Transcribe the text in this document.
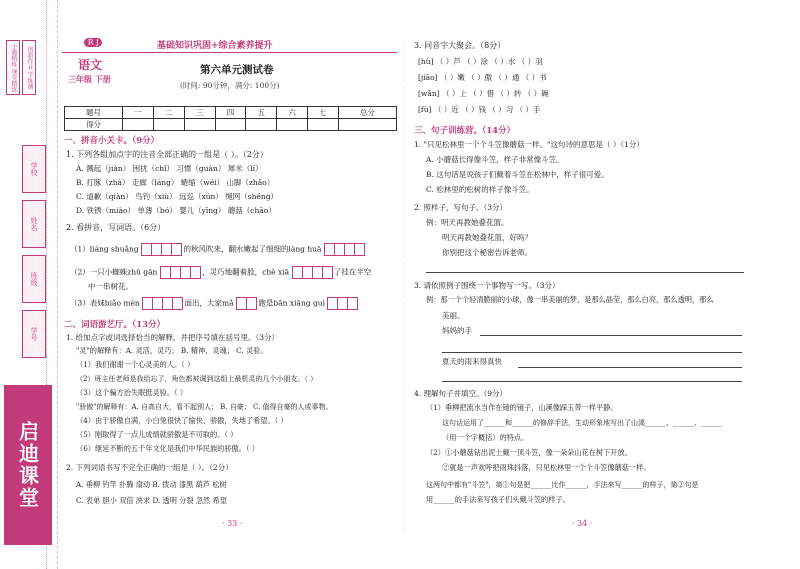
小题精练 课堂精练	创新作业 学练测
学校
姓名
班级
学号
启迪课堂
R J	基础知识巩固+综合素养提升
语文
三年级 下册
第六单元测试卷
(时间: 90分钟，满分: 100分)
题号	一	二	三	四	五	六	七	总分
得分								
一、拼音小关卡。（9分）
1. 下列各组加点字的注音全部正确的一组是（ ）。（2分）
A. 溅起（jiàn） 困扰（chǐ） 习惯（guàn） 犀米（lí）
B. 打䐁（zhā） 走廊（láng） 蜷缩（wéi） 山脚（zhǎo）
C. 道歉（qiàn） 鸟钓（xiù） 远巡（xún） 绳网（shéng）
D. 铁锈（miào） 单薄（bó） 婴儿（yīng） 蘑菇（chāo）
2. 看拼音，写词语。（6分）
（1）liáng shuǎng	的秋风吹来，翻水嫩起了细细的làng huā
（2）一只小蜘蛛zhū gān	，灵巧地翻着股，chě xiā	了挂在半空
中一串树花。
（3）表妹biǎo mèn	面出，大家mǎ	跑是bān xiāng guì
二、词语游艺厅。（13分）
1. 给加点字或词选择恰当的解释，并把序号填在括号里。（3分）
"灵"的解释有：A. 灵活，灵巧； B. 精神，灵魂； C. 灵验。
（1）我们谢谢一个心灵美的人。（ ）
（2）班主任老师是我给忘了，角色都被调到这组上最机灵的几个小朋友。（ ）
（3）这个骗方治失眠挺灵验。（ ）
"骄傲"的解释有：A. 自高自大，看不起别人； B. 自豪； C. 值得自豪的人或事物。
（4）由于骄傲自满，小白兔很快了愉快、骄傲，失地了希望。（ ）
（5）刚取得了一点儿成绩就骄傲是不可取的。（ ）
（6）继延不断的五千年文化是我们中华民族的骄傲。（ ）
2. 下列词语书写不完全正确的一组是（ ）。（2分）
A. 垂柳 钓竿 扑腾 扇动 B. 拨动 漆黑 葫芦 松树
C. 表弟 胆小 双倍 泱求 D. 透明 分裂 忽然 希望
· 33 ·
3. 同音字大聚会。（8分）
[hù] （ ）芦 （ ）涂 （ ）水 （ ）羽
[jiāo] （ ）嫩 （ ）傲 （ ）通 （ ）书
[wǎn] （ ）上 （ ）惜 （ ）转 （ ）碗
[fù] （ ）近 （ ）钱 （ ）习 （ ）手
三、句子训练营。（14分）
1. "只见松林里一个个斗笠像蘑菇一样。"这句诗的意思是（ ）（1分）
A. 小蘑菇长得像斗笠，样子非常像斗笠。
B. 这句话是说孩子们戴着斗笠在松林中，样子很可爱。
C. 松林里的松树的样子像斗笠。
2. 照样子，写句子。（3分）
例：明天再教她叠花篮。
明天再教她叠花篮，好吗？
你别把这个秘密告诉老师。
3. 请依照例子围绕一个事物写一写。（3分）
例：那一个个轻清脆丽的小球，像一串美丽的梦，是那么晶莹，那么白亮，那么透明，那么
美丽。
妈妈的手
夏天的雨来得真快
4. 理解句子并填空。（9分）
（1）垂柳把流水当作在镜的镜子，山溪像踩玉带一样平静。
这句话运用了______和______的修辞手法，生动形象地写出了山溪______、______、______
（用一个字概括）的特点。
（2）①小蘑菇钻出泥土戴一顶斗笠，像一朵朵山花在树下开放。
②就是一声欢呼把雨珠抖落，只见松林里一个个斗笠像蘑菇一样。
这两句中都有"斗笠"，第①句是把______比作______，手法来写______的样子，第②句是
用______的手法来写孩子们头戴斗笠的样子。
· 34 ·
